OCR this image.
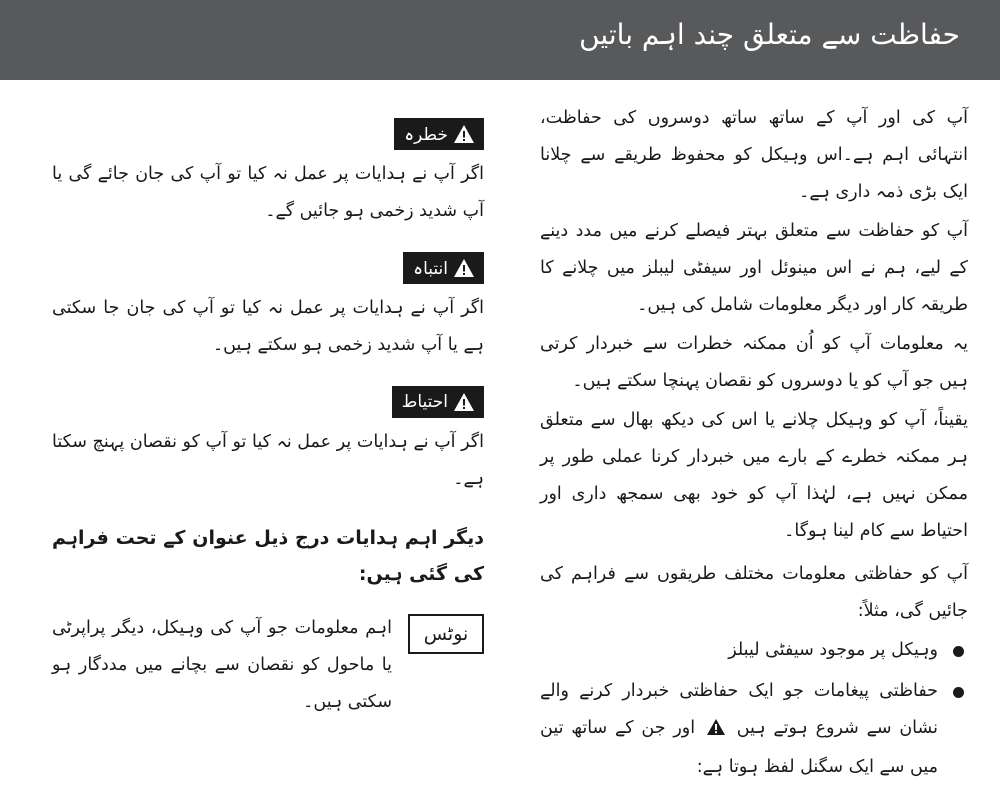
حفاظت سے متعلق چند اہم باتیں

آپ کی اور آپ کے ساتھ ساتھ دوسروں کی حفاظت، انتہائی اہم ہے۔اس وہیکل کو محفوظ طریقے سے چلانا ایک بڑی ذمہ داری ہے۔

آپ کو حفاظت سے متعلق بہتر فیصلے کرنے میں مدد دینے کے لیے، ہم نے اس مینوئل اور سیفٹی لیبلز میں چلانے کا طریقہ کار اور دیگر معلومات شامل کی ہیں۔

یہ معلومات آپ کو اُن ممکنہ خطرات سے خبردار کرتی ہیں جو آپ کو یا دوسروں کو نقصان پہنچا سکتے ہیں۔

یقیناً، آپ کو وہیکل چلانے یا اس کی دیکھ بھال سے متعلق ہر ممکنہ خطرے کے بارے میں خبردار کرنا عملی طور پر ممکن نہیں ہے، لہٰذا آپ کو خود بھی سمجھ داری اور احتیاط سے کام لینا ہوگا۔

آپ کو حفاظتی معلومات مختلف طریقوں سے فراہم کی جائیں گی، مثلاً:

وہیکل پر موجود سیفٹی لیبلز
حفاظتی پیغامات جو ایک حفاظتی خبردار کرنے والے نشان سے شروع ہوتے ہیں  اور جن کے ساتھ تین میں سے ایک سگنل لفظ ہوتا ہے:
خطرہ

اگر آپ نے ہدایات پر عمل نہ کیا تو آپ کی جان جائے گی یا آپ شدید زخمی ہو جائیں گے۔

انتباہ

اگر آپ نے ہدایات پر عمل نہ کیا تو آپ کی جان جا سکتی ہے یا آپ شدید زخمی ہو سکتے ہیں۔

احتیاط

اگر آپ نے ہدایات پر عمل نہ کیا تو آپ کو نقصان پہنچ سکتا ہے۔

دیگر اہم ہدایات درج ذیل عنوان کے تحت فراہم کی گئی ہیں:

نوٹس

اہم معلومات جو آپ کی وہیکل، دیگر پراپرٹی یا ماحول کو نقصان سے بچانے میں مددگار ہو سکتی ہیں۔
